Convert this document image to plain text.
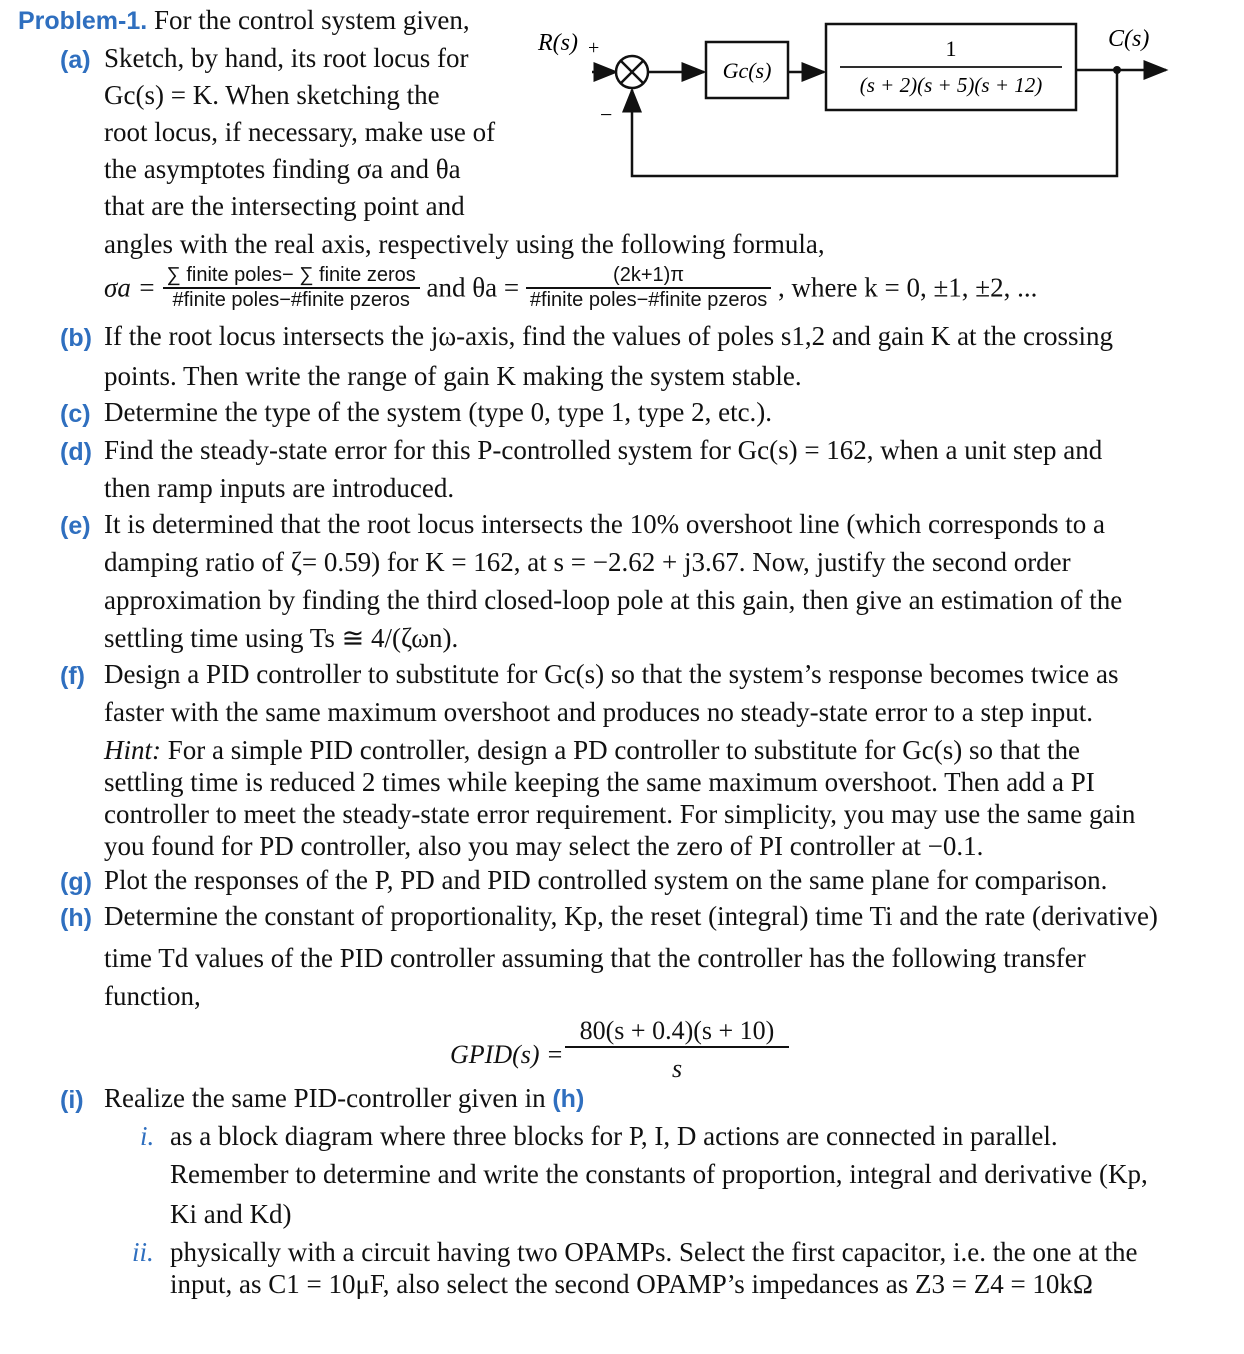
Problem-1. For the control system given,
R(s) +
−
Gc(s)
1
(s + 2)(s + 5)(s + 12)
C(s)
(a) Sketch, by hand, its root locus for
Gc(s) = K. When sketching the
root locus, if necessary, make use of
the asymptotes finding σa and θa
that are the intersecting point and
angles with the real axis, respectively using the following formula,
$\sigma a = \frac{\text{∑ finite poles− ∑ finite zeros}}{\text{\#finite poles−\#finite pzeros}}$ and $\theta a = \frac{(2k+1)\pi}{\text{\#finite poles−\#finite pzeros}}$ , where k = 0, ±1, ±2, ...
(b) If the root locus intersects the jω-axis, find the values of poles s1,2 and gain K at the crossing
points. Then write the range of gain K making the system stable.
(c) Determine the type of the system (type 0, type 1, type 2, etc.).
(d) Find the steady-state error for this P-controlled system for Gc(s) = 162, when a unit step and
then ramp inputs are introduced.
(e) It is determined that the root locus intersects the 10% overshoot line (which corresponds to a
damping ratio of ζ= 0.59) for K = 162, at s = −2.62 + j3.67. Now, justify the second order
approximation by finding the third closed-loop pole at this gain, then give an estimation of the
settling time using Ts ≅ 4/(ζωn).
(f) Design a PID controller to substitute for Gc(s) so that the system’s response becomes twice as
faster with the same maximum overshoot and produces no steady-state error to a step input.
Hint: For a simple PID controller, design a PD controller to substitute for Gc(s) so that the
settling time is reduced 2 times while keeping the same maximum overshoot. Then add a PI
controller to meet the steady-state error requirement. For simplicity, you may use the same gain
you found for PD controller, also you may select the zero of PI controller at −0.1.
(g) Plot the responses of the P, PD and PID controlled system on the same plane for comparison.
(h) Determine the constant of proportionality, Kp, the reset (integral) time Ti and the rate (derivative)
time Td values of the PID controller assuming that the controller has the following transfer
function,
GPID(s) =
80(s + 0.4)(s + 10)
s
(i) Realize the same PID-controller given in (h)
i. as a block diagram where three blocks for P, I, D actions are connected in parallel.
Remember to determine and write the constants of proportion, integral and derivative (Kp,
Ki and Kd)
ii. physically with a circuit having two OPAMPs. Select the first capacitor, i.e. the one at the
input, as C1 = 10μF, also select the second OPAMP’s impedances as Z3 = Z4 = 10kΩ
